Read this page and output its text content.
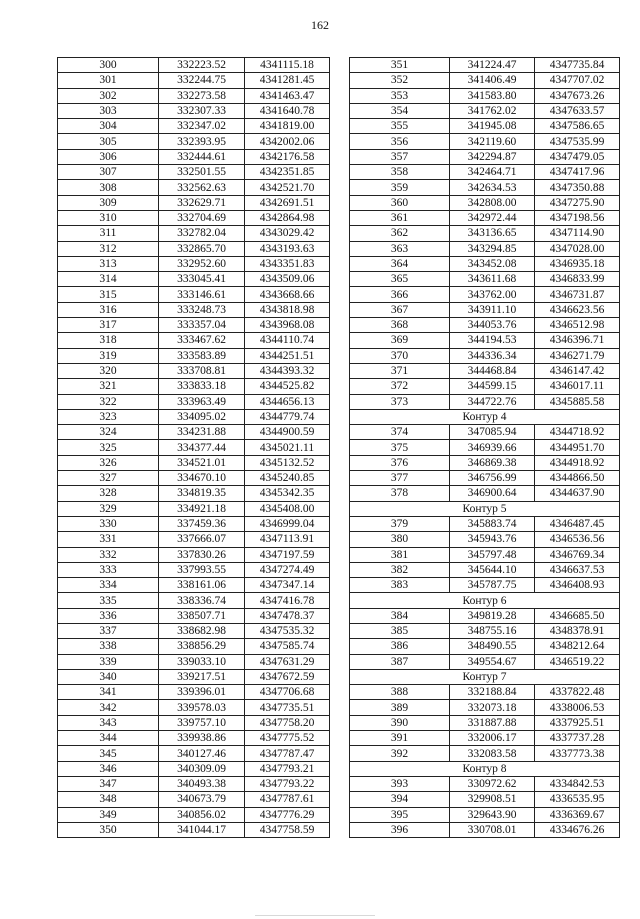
162
300	332223.52	4341115.18
301	332244.75	4341281.45
302	332273.58	4341463.47
303	332307.33	4341640.78
304	332347.02	4341819.00
305	332393.95	4342002.06
306	332444.61	4342176.58
307	332501.55	4342351.85
308	332562.63	4342521.70
309	332629.71	4342691.51
310	332704.69	4342864.98
311	332782.04	4343029.42
312	332865.70	4343193.63
313	332952.60	4343351.83
314	333045.41	4343509.06
315	333146.61	4343668.66
316	333248.73	4343818.98
317	333357.04	4343968.08
318	333467.62	4344110.74
319	333583.89	4344251.51
320	333708.81	4344393.32
321	333833.18	4344525.82
322	333963.49	4344656.13
323	334095.02	4344779.74
324	334231.88	4344900.59
325	334377.44	4345021.11
326	334521.01	4345132.52
327	334670.10	4345240.85
328	334819.35	4345342.35
329	334921.18	4345408.00
330	337459.36	4346999.04
331	337666.07	4347113.91
332	337830.26	4347197.59
333	337993.55	4347274.49
334	338161.06	4347347.14
335	338336.74	4347416.78
336	338507.71	4347478.37
337	338682.98	4347535.32
338	338856.29	4347585.74
339	339033.10	4347631.29
340	339217.51	4347672.59
341	339396.01	4347706.68
342	339578.03	4347735.51
343	339757.10	4347758.20
344	339938.86	4347775.52
345	340127.46	4347787.47
346	340309.09	4347793.21
347	340493.38	4347793.22
348	340673.79	4347787.61
349	340856.02	4347776.29
350	341044.17	4347758.59
351	341224.47	4347735.84
352	341406.49	4347707.02
353	341583.80	4347673.26
354	341762.02	4347633.57
355	341945.08	4347586.65
356	342119.60	4347535.99
357	342294.87	4347479.05
358	342464.71	4347417.96
359	342634.53	4347350.88
360	342808.00	4347275.90
361	342972.44	4347198.56
362	343136.65	4347114.90
363	343294.85	4347028.00
364	343452.08	4346935.18
365	343611.68	4346833.99
366	343762.00	4346731.87
367	343911.10	4346623.56
368	344053.76	4346512.98
369	344194.53	4346396.71
370	344336.34	4346271.79
371	344468.84	4346147.42
372	344599.15	4346017.11
373	344722.76	4345885.58
Контур 4		
374	347085.94	4344718.92
375	346939.66	4344951.70
376	346869.38	4344918.92
377	346756.99	4344866.50
378	346900.64	4344637.90
Контур 5		
379	345883.74	4346487.45
380	345943.76	4346536.56
381	345797.48	4346769.34
382	345644.10	4346637.53
383	345787.75	4346408.93
Контур 6		
384	349819.28	4346685.50
385	348755.16	4348378.91
386	348490.55	4348212.64
387	349554.67	4346519.22
Контур 7		
388	332188.84	4337822.48
389	332073.18	4338006.53
390	331887.88	4337925.51
391	332006.17	4337737.28
392	332083.58	4337773.38
Контур 8		
393	330972.62	4334842.53
394	329908.51	4336535.95
395	329643.90	4336369.67
396	330708.01	4334676.26
